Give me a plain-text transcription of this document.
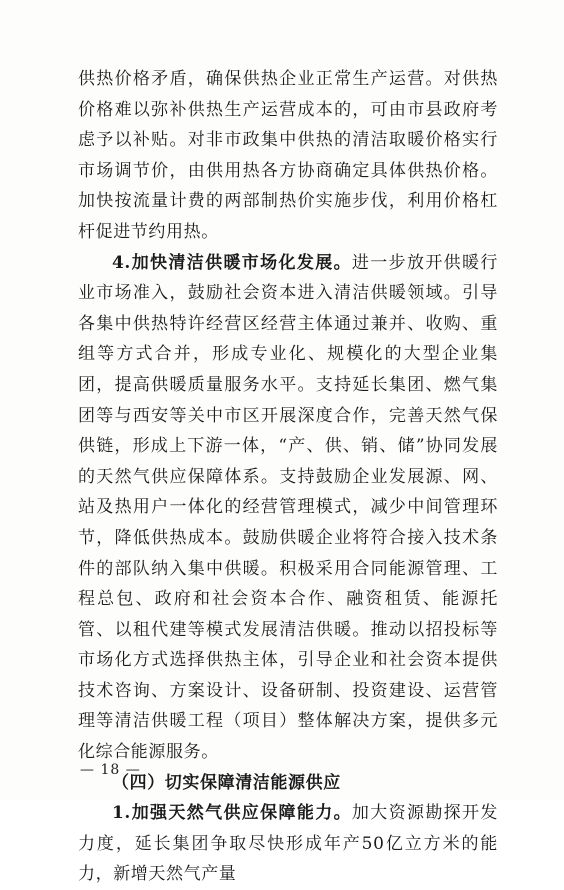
供热价格矛盾，确保供热企业正常生产运营。对供热价格难以弥补供热生产运营成本的，可由市县政府考虑予以补贴。对非市政集中供热的清洁取暖价格实行市场调节价，由供用热各方协商确定具体供热价格。加快按流量计费的两部制热价实施步伐，利用价格杠杆促进节约用热。

4.加快清洁供暖市场化发展。进一步放开供暖行业市场准入，鼓励社会资本进入清洁供暖领域。引导各集中供热特许经营区经营主体通过兼并、收购、重组等方式合并，形成专业化、规模化的大型企业集团，提高供暖质量服务水平。支持延长集团、燃气集团等与西安等关中市区开展深度合作，完善天然气保供链，形成上下游一体，“产、供、销、储”协同发展的天然气供应保障体系。支持鼓励企业发展源、网、站及热用户一体化的经营管理模式，减少中间管理环节，降低供热成本。鼓励供暖企业将符合接入技术条件的部队纳入集中供暖。积极采用合同能源管理、工程总包、政府和社会资本合作、融资租赁、能源托管、以租代建等模式发展清洁供暖。推动以招投标等市场化方式选择供热主体，引导企业和社会资本提供技术咨询、方案设计、设备研制、投资建设、运营管理等清洁供暖工程（项目）整体解决方案，提供多元化综合能源服务。

（四）切实保障清洁能源供应

1.加强天然气供应保障能力。加大资源勘探开发力度，延长集团争取尽快形成年产50亿立方米的能力，新增天然气产量

— 18 —
